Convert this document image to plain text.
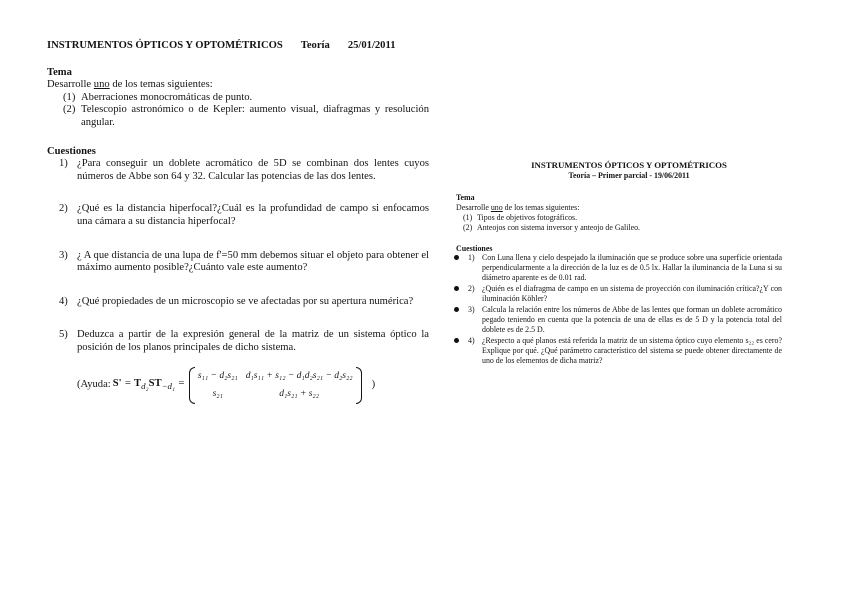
INSTRUMENTOS ÓPTICOS Y OPTOMÉTRICOS Teoría 25/01/2011
Tema

Desarrolle uno de los temas siguientes:

(1) Aberraciones monocromáticas de punto.
(2) Telescopio astronómico o de Kepler: aumento visual, diafragmas y resolución angular.
Cuestiones
1) ¿Para conseguir un doblete acromático de 5D se combinan dos lentes cuyos números de Abbe son 64 y 32. Calcular las potencias de las dos lentes.
2) ¿Qué es la distancia hiperfocal?¿Cuál es la profundidad de campo si enfocamos una cámara a su distancia hiperfocal?
3) ¿ A que distancia de una lupa de f'=50 mm debemos situar el objeto para obtener el máximo aumento posible?¿Cuánto vale este aumento?
4) ¿Qué propiedades de un microscopio se ve afectadas por su apertura numérica?
5) Deduzca a partir de la expresión general de la matriz de un sistema óptico la posición de los planos principales de dicho sistema.
(Ayuda: $S' = T_{d_2}ST_{-d_1}$ =
s₁₁ − d₂s₂₁ d₁s₁₁ + s₁₂ − d₁d₂s₂₁ − d₂s₂₂
s₂₁	d₁s₂₁ + s₂₂
)
INSTRUMENTOS ÓPTICOS Y OPTOMÉTRICOS
Teoría – Primer parcial - 19/06/2011
Tema

Desarrolle uno de los temas siguientes:

(1) Tipos de objetivos fotográficos.
(2) Anteojos con sistema inversor y anteojo de Galileo.
Cuestiones
1) Con Luna llena y cielo despejado la iluminación que se produce sobre una superficie orientada perpendicularmente a la dirección de la luz es de 0.5 lx. Hallar la iluminancia de la Luna si su diámetro aparente es de 0.01 rad.
2) ¿Quién es el diafragma de campo en un sistema de proyección con iluminación crítica?¿Y con iluminación Köhler?
3) Calcula la relación entre los números de Abbe de las lentes que forman un doblete acromático pegado teniendo en cuenta que la potencia de una de ellas es de 5 D y la potencia total del doblete es de 2.5 D.
4) ¿Respecto a qué planos está referida la matriz de un sistema óptico cuyo elemento s₂₂ es cero? Explique por qué. ¿Qué parámetro característico del sistema se puede obtener directamente de uno de los elementos de dicha matriz?
